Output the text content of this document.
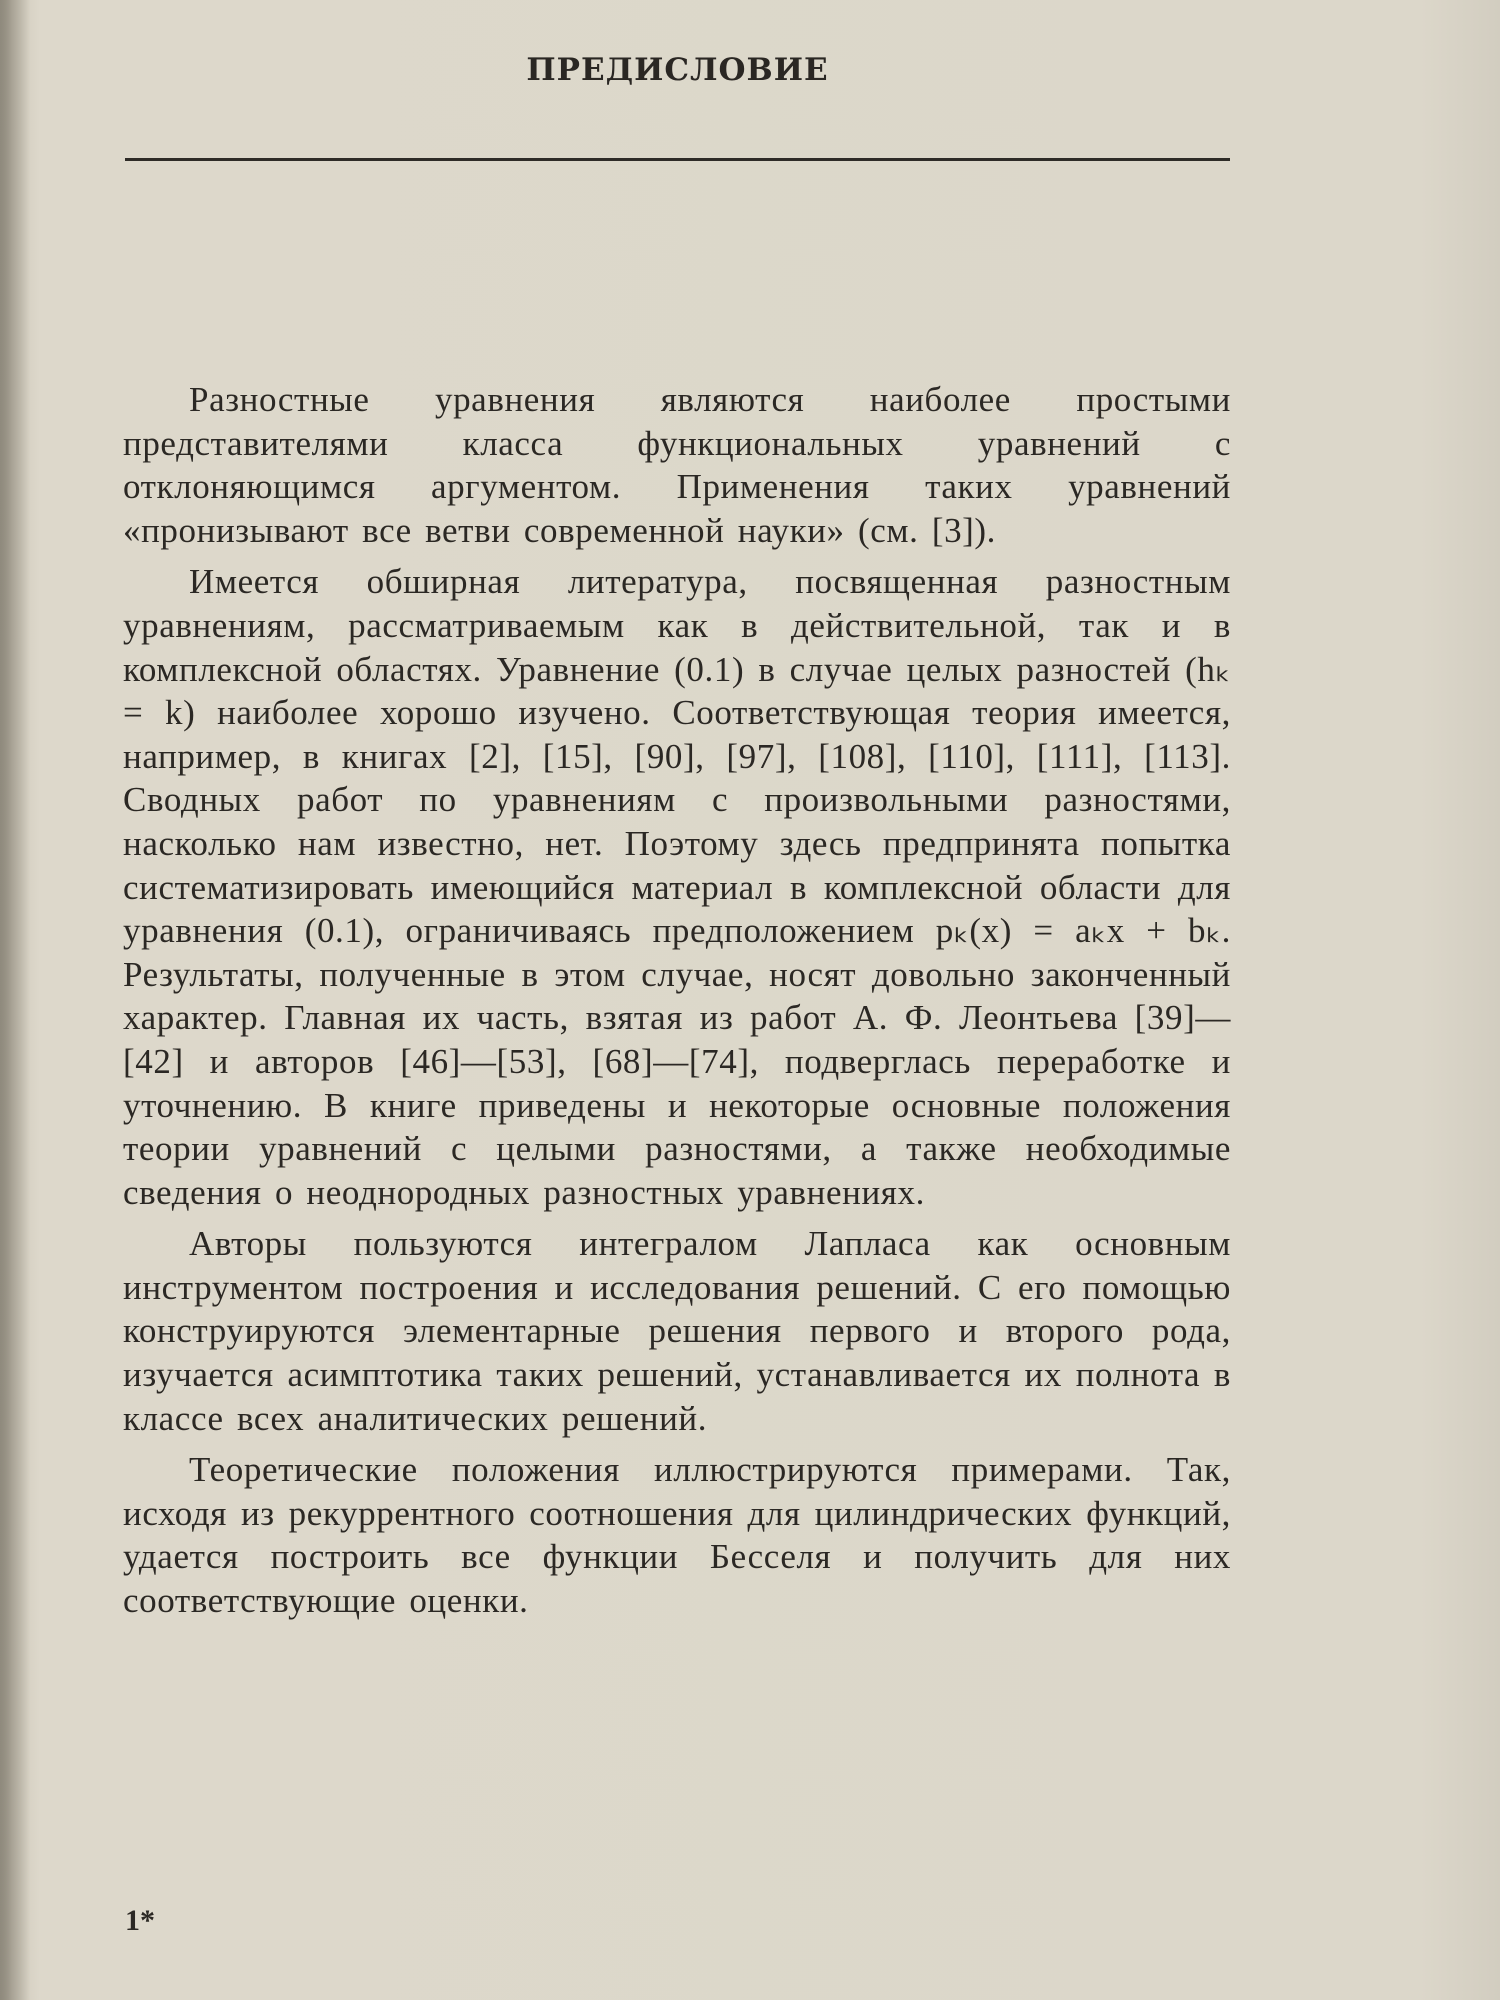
ПРЕДИСЛОВИЕ

Разностные уравнения являются наиболее простыми представителями класса функциональных уравнений с отклоняющимся аргументом. Применения таких уравнений «пронизывают все ветви современной науки» (см. [3]).

Имеется обширная литература, посвященная разностным уравнениям, рассматриваемым как в действительной, так и в комплексной областях. Уравнение (0.1) в случае целых разностей (hₖ = k) наиболее хорошо изучено. Соответствующая теория имеется, например, в книгах [2], [15], [90], [97], [108], [110], [111], [113]. Сводных работ по уравнениям с произвольными разностями, насколько нам известно, нет. Поэтому здесь предпринята попытка систематизировать имеющийся материал в комплексной области для уравнения (0.1), ограничиваясь предположением pₖ(x) = aₖx + bₖ. Результаты, полученные в этом случае, носят довольно законченный характер. Главная их часть, взятая из работ А. Ф. Леонтьева [39]—[42] и авторов [46]—[53], [68]—[74], подверглась переработке и уточнению. В книге приведены и некоторые основные положения теории уравнений с целыми разностями, а также необходимые сведения о неоднородных разностных уравнениях.

Авторы пользуются интегралом Лапласа как основным инструментом построения и исследования решений. С его помощью конструируются элементарные решения первого и второго рода, изучается асимптотика таких решений, устанавливается их полнота в классе всех аналитических решений.

Теоретические положения иллюстрируются примерами. Так, исходя из рекуррентного соотношения для цилиндрических функций, удается построить все функции Бесселя и получить для них соответствующие оценки.

1*
